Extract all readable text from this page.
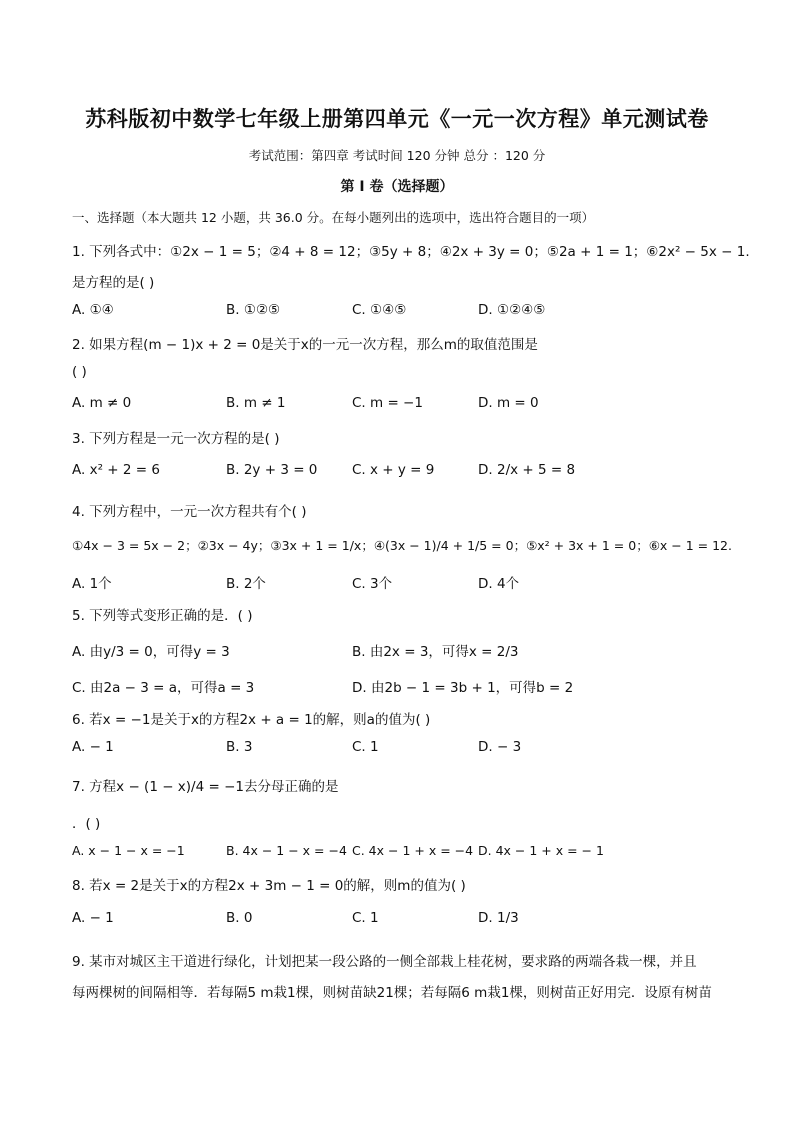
苏科版初中数学七年级上册第四单元《一元一次方程》单元测试卷
考试范围：第四章 考试时间 120 分钟 总分 ：120 分
第 I 卷（选择题）
一、选择题（本大题共 12 小题，共 36.0 分。在每小题列出的选项中，选出符合题目的一项）
1. 下列各式中：①2x − 1 = 5；②4 + 8 = 12；③5y + 8；④2x + 3y = 0；⑤2a + 1 = 1；⑥2x² − 5x − 1.
是方程的是( )
A. ①④	B. ①②⑤	C. ①④⑤	D. ①②④⑤
2. 如果方程(m − 1)x + 2 = 0是关于x的一元一次方程，那么m的取值范围是
( )
A. m ≠ 0	B. m ≠ 1	C. m = −1	D. m = 0
3. 下列方程是一元一次方程的是( )
A. x² + 2 = 6	B. 2y + 3 = 0	C. x + y = 9	D. 2/x + 5 = 8
4. 下列方程中，一元一次方程共有个( )
①4x − 3 = 5x − 2；②3x − 4y；③3x + 1 = 1/x；④(3x − 1)/4 + 1/5 = 0；⑤x² + 3x + 1 = 0；⑥x − 1 = 12.
A. 1个	B. 2个	C. 3个	D. 4个
5. 下列等式变形正确的是．( )
A. 由y/3 = 0，可得y = 3	B. 由2x = 3，可得x = 2/3
C. 由2a − 3 = a，可得a = 3	D. 由2b − 1 = 3b + 1，可得b = 2
6. 若x = −1是关于x的方程2x + a = 1的解，则a的值为( )
A. − 1	B. 3	C. 1	D. − 3
7. 方程x − (1 − x)/4 = −1去分母正确的是
．( )
A. x − 1 − x = −1	B. 4x − 1 − x = −4 C. 4x − 1 + x = −4 D. 4x − 1 + x = − 1
8. 若x = 2是关于x的方程2x + 3m − 1 = 0的解，则m的值为( )
A. − 1	B. 0	C. 1	D. 1/3
9. 某市对城区主干道进行绿化，计划把某一段公路的一侧全部栽上桂花树，要求路的两端各栽一棵，并且
每两棵树的间隔相等．若每隔5 m栽1棵，则树苗缺21棵；若每隔6 m栽1棵，则树苗正好用完．设原有树苗
